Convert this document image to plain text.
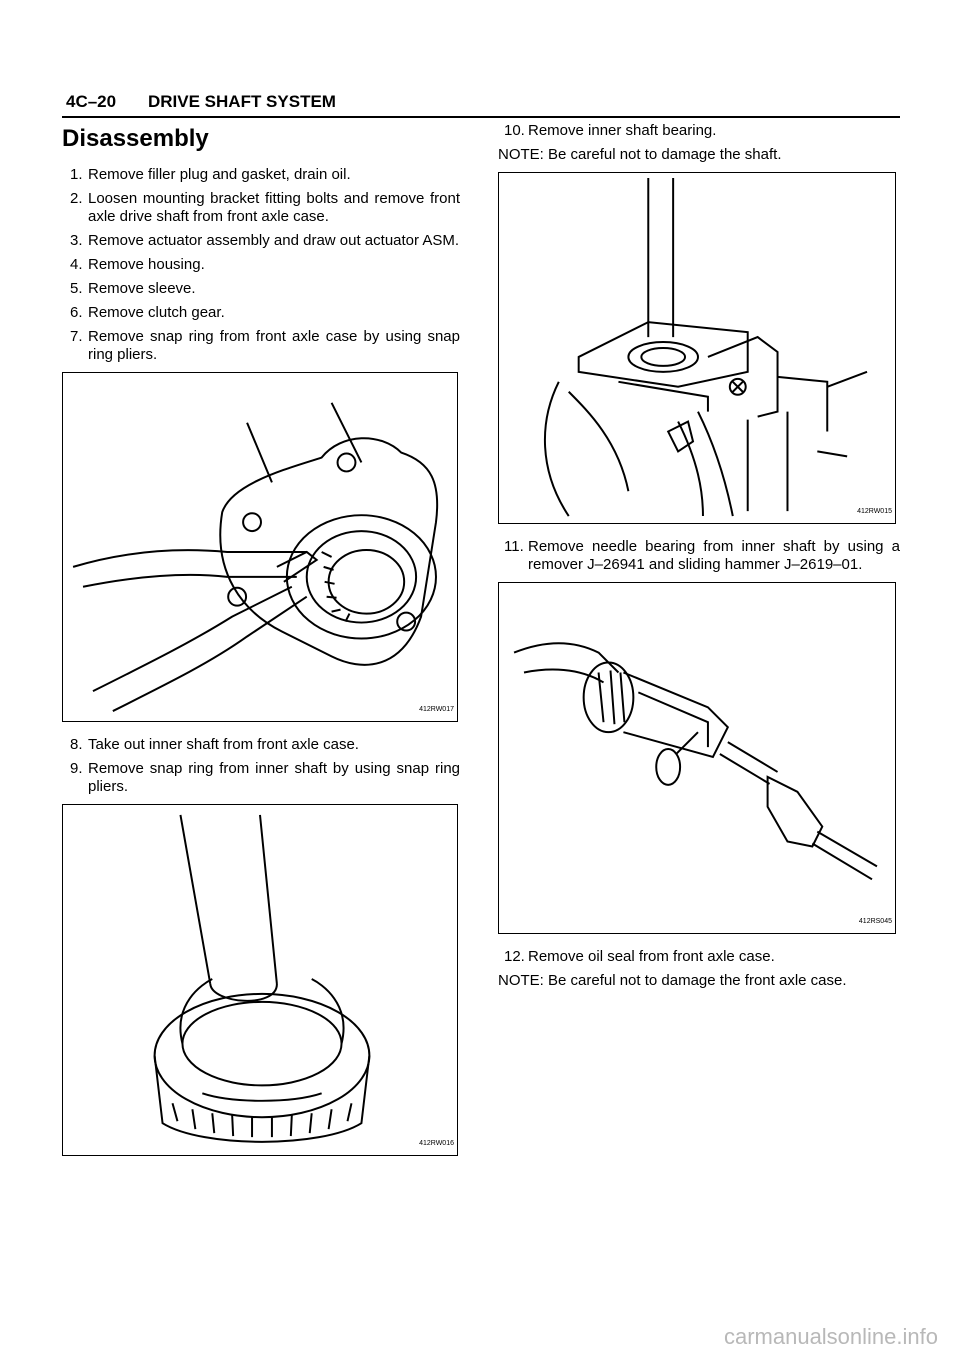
4C–20 DRIVE SHAFT SYSTEM
Disassembly
1. Remove filler plug and gasket, drain oil.
2. Loosen mounting bracket fitting bolts and remove front axle drive shaft from front axle case.
3. Remove actuator assembly and draw out actuator ASM.
4. Remove housing.
5. Remove sleeve.
6. Remove clutch gear.
7. Remove snap ring from front axle case by using snap ring pliers.
412RW017
8. Take out inner shaft from front axle case.
9. Remove snap ring from inner shaft by using snap ring pliers.
412RW016
10. Remove inner shaft bearing.
NOTE: Be careful not to damage the shaft.
412RW015
11. Remove needle bearing from inner shaft by using a remover J–26941 and sliding hammer J–2619–01.
412RS045
12. Remove oil seal from front axle case.
NOTE: Be careful not to damage the front axle case.
carmanualsonline.info
